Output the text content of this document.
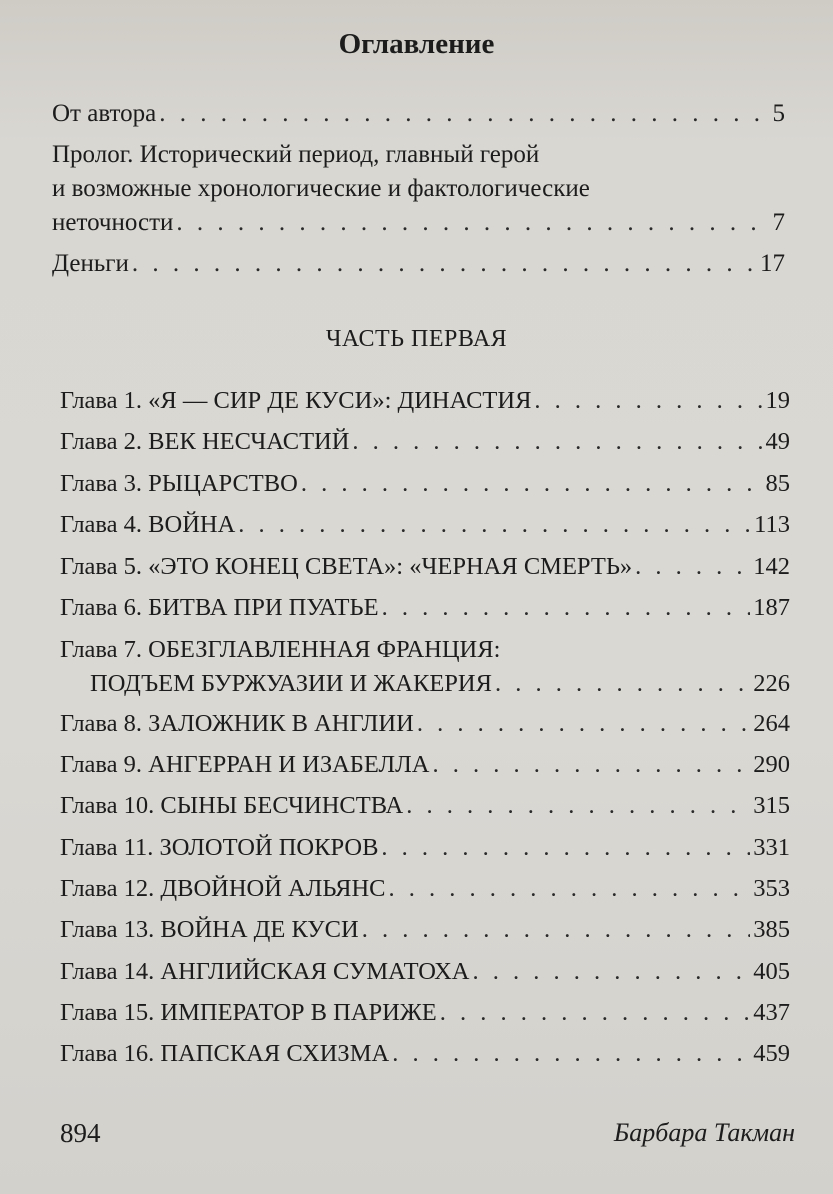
Оглавление
От автора . . .	5
Пролог. Исторический период, главный герой
и возможные хронологические и фактологические
неточности . . .	7
Деньги . . .	17
ЧАСТЬ ПЕРВАЯ
Глава 1. «Я — СИР ДЕ КУСИ»: ДИНАСТИЯ . . .	19
Глава 2. ВЕК НЕСЧАСТИЙ . . .	49
Глава 3. РЫЦАРСТВО . . .	85
Глава 4. ВОЙНА . . .	113
Глава 5. «ЭТО КОНЕЦ СВЕТА»: «ЧЕРНАЯ СМЕРТЬ» . . .	142
Глава 6. БИТВА ПРИ ПУАТЬЕ . . .	187
Глава 7. ОБЕЗГЛАВЛЕННАЯ ФРАНЦИЯ:
ПОДЪЕМ БУРЖУАЗИИ И ЖАКЕРИЯ . . .	226
Глава 8. ЗАЛОЖНИК В АНГЛИИ . . .	264
Глава 9. АНГЕРРАН И ИЗАБЕЛЛА . . .	290
Глава 10. СЫНЫ БЕСЧИНСТВА . . .	315
Глава 11. ЗОЛОТОЙ ПОКРОВ . . .	331
Глава 12. ДВОЙНОЙ АЛЬЯНС . . .	353
Глава 13. ВОЙНА ДЕ КУСИ . . .	385
Глава 14. АНГЛИЙСКАЯ СУМАТОХА . . .	405
Глава 15. ИМПЕРАТОР В ПАРИЖЕ . . .	437
Глава 16. ПАПСКАЯ СХИЗМА . . .	459
894	Барбара Такман
